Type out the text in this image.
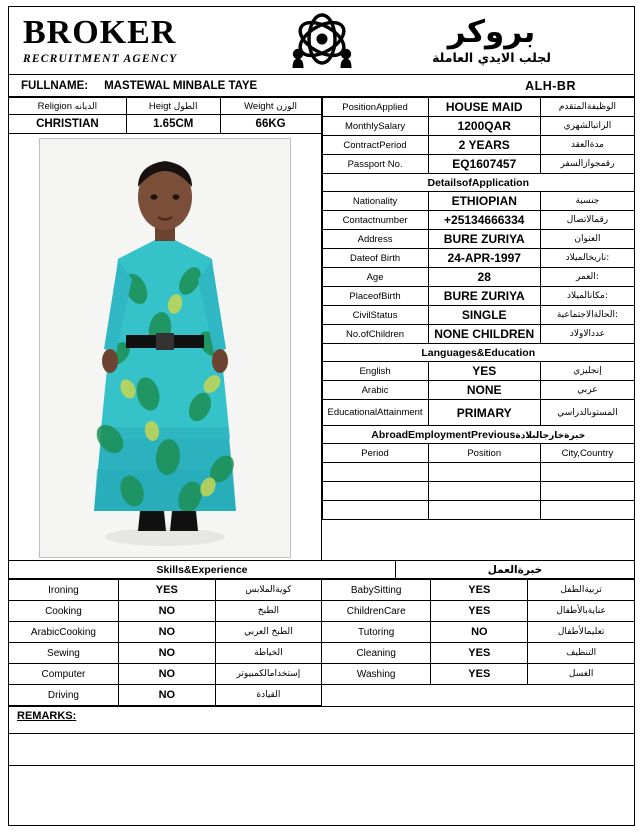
BROKER
RECRUITMENT AGENCY
بروكر
لجلب الايدي العاملة
FULLNAME:	MASTEWAL MINBALE TAYE	ALH-BR
Religion الديانه	Heigt الطول	Weight الوزن
CHRISTIAN	1.65CM	66KG
PositionApplied	HOUSE MAID	الوظيفةالمتقدم
MonthlySalary	1200QAR	الراتبالشهري
ContractPeriod	2 YEARS	مدةالعقد
Passport No.	EQ1607457	رقمجوازالسفر
DetailsofApplication		
Nationality	ETHIOPIAN	جنسية
Contactnumber	+25134666334	رقمالاتصال
Address	BURE ZURIYA	العنوان
Dateof Birth	24-APR-1997	ناريخالميلاد:
Age	28	العمر:
PlaceofBirth	BURE ZURIYA	مكانالميلاد:
CivilStatus	SINGLE	الحالةالاجتماعية:
No.ofChildren	NONE CHILDREN	عددالاولاد
Languages&Education		
English	YES	إنجليزي
Arabic	NONE	عربي
EducationalAttainment	PRIMARY	المستوىالدراسي
AbroadEmploymentPreviousخبرةخارجالبلادة		
Period	Position	City,Country

Skills&Experience	خبرةالعمل
Ironing	YES	كويةالملابس	BabySitting	YES	تربيةالطفل
Cooking	NO	الطبخ	ChildrenCare	YES	عنايةبالأطفال
ArabicCooking	NO	الطبخ العربي	Tutoring	NO	تعليمالأطفال
Sewing	NO	الخياطة	Cleaning	YES	التنظيف
Computer	NO	إستخدامالكمبيوتر	Washing	YES	الغسل
Driving	NO	القيادة			
REMARKS:
